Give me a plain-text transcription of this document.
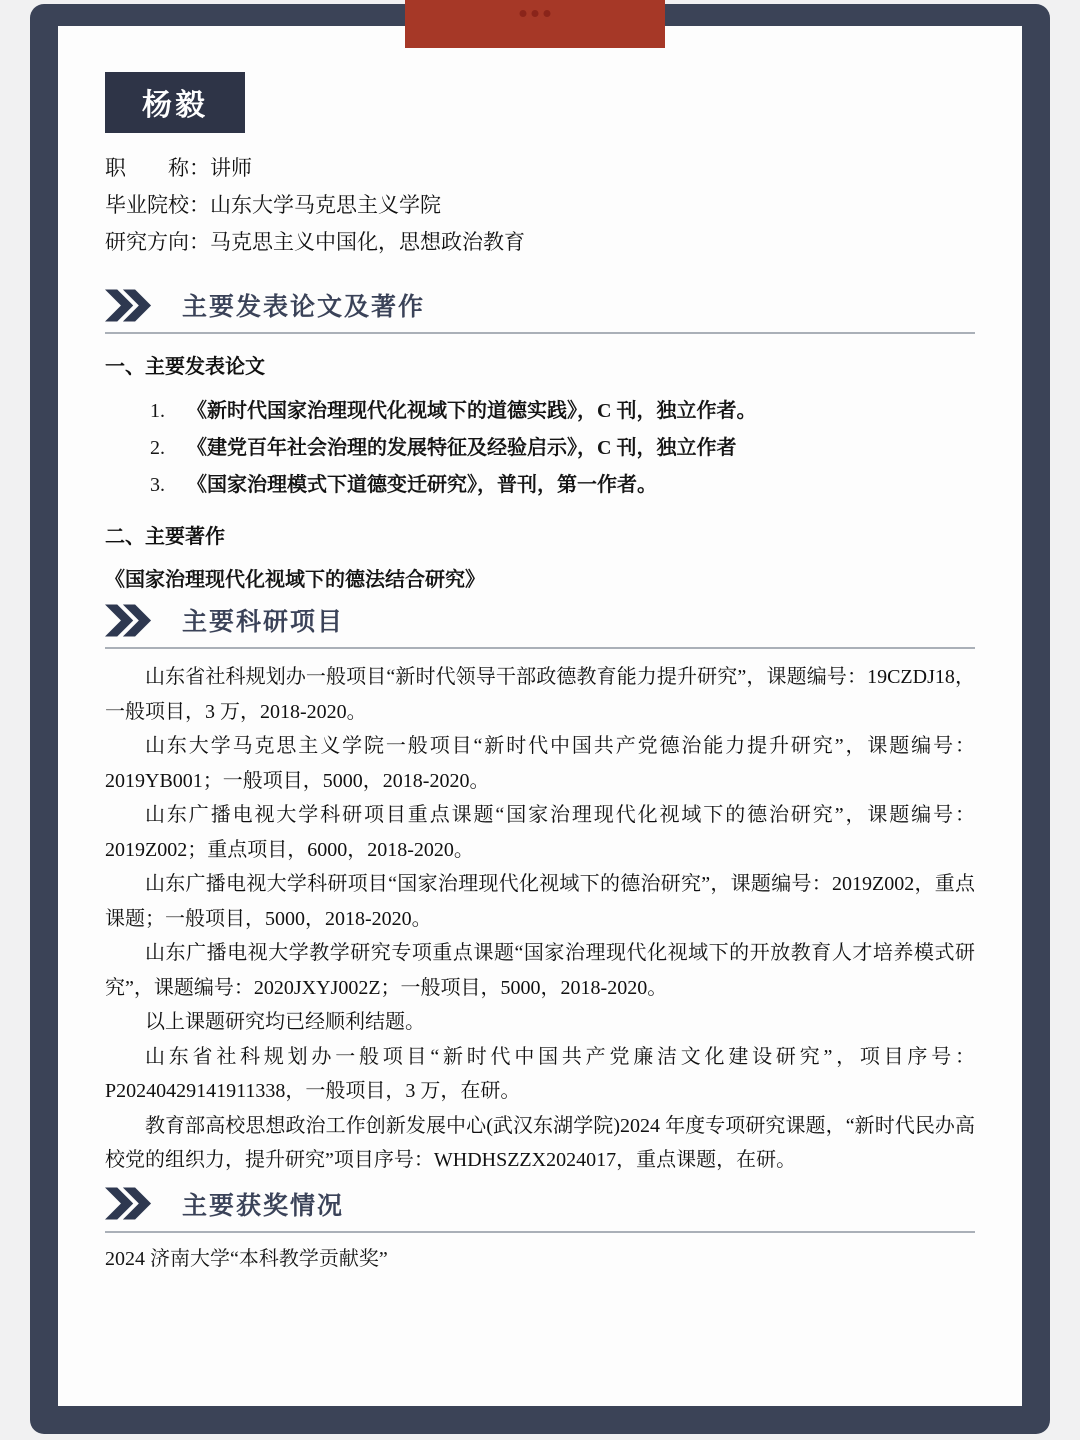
杨毅
职　　称：讲师
毕业院校：山东大学马克思主义学院
研究方向：马克思主义中国化，思想政治教育
主要发表论文及著作
一、主要发表论文
1. 《新时代国家治理现代化视域下的道德实践》，C 刊，独立作者。
2. 《建党百年社会治理的发展特征及经验启示》，C 刊，独立作者
3. 《国家治理模式下道德变迁研究》，普刊，第一作者。
二、主要著作
《国家治理现代化视域下的德法结合研究》
主要科研项目

山东省社科规划办一般项目“新时代领导干部政德教育能力提升研究”，课题编号：19CZDJ18，一般项目，3 万，2018-2020。

山东大学马克思主义学院一般项目“新时代中国共产党德治能力提升研究”，课题编号：2019YB001；一般项目，5000，2018-2020。

山东广播电视大学科研项目重点课题“国家治理现代化视域下的德治研究”，课题编号：2019Z002；重点项目，6000，2018-2020。

山东广播电视大学科研项目“国家治理现代化视域下的德治研究”，课题编号：2019Z002，重点课题；一般项目，5000，2018-2020。

山东广播电视大学教学研究专项重点课题“国家治理现代化视域下的开放教育人才培养模式研究”，课题编号：2020JXYJ002Z；一般项目，5000，2018-2020。

以上课题研究均已经顺利结题。

山东省社科规划办一般项目“新时代中国共产党廉洁文化建设研究”，项目序号：P20240429141911338，一般项目，3 万，在研。

教育部高校思想政治工作创新发展中心(武汉东湖学院)2024 年度专项研究课题，“新时代民办高校党的组织力，提升研究”项目序号：WHDHSZZX2024017，重点课题，在研。

主要获奖情况
2024 济南大学“本科教学贡献奖”
